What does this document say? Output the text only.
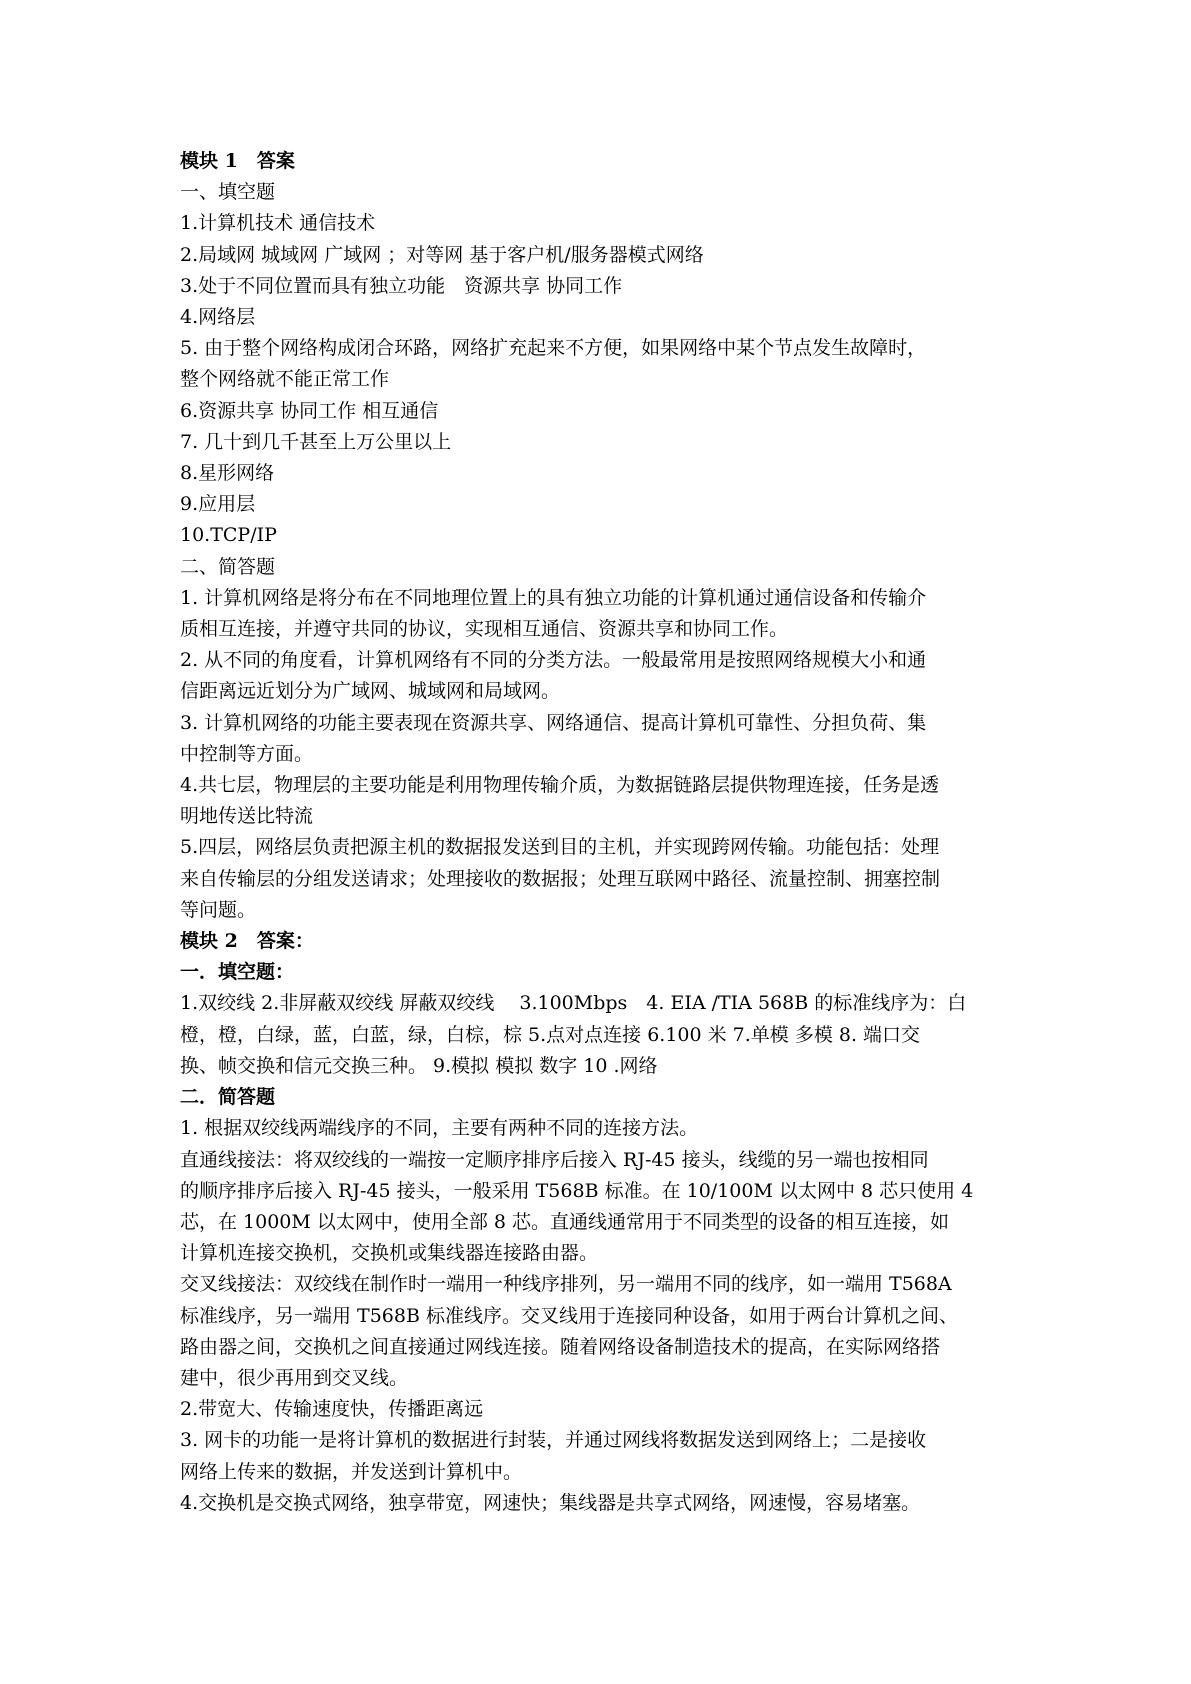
模块 1　答案
一、填空题
1.计算机技术 通信技术
2.局域网 城域网 广域网 ；对等网 基于客户机/服务器模式网络
3.处于不同位置而具有独立功能　资源共享 协同工作
4.网络层
5. 由于整个网络构成闭合环路，网络扩充起来不方便，如果网络中某个节点发生故障时，
整个网络就不能正常工作
6.资源共享 协同工作 相互通信
7. 几十到几千甚至上万公里以上
8.星形网络
9.应用层
10.TCP/IP
二、简答题
1. 计算机网络是将分布在不同地理位置上的具有独立功能的计算机通过通信设备和传输介
质相互连接，并遵守共同的协议，实现相互通信、资源共享和协同工作。
2. 从不同的角度看，计算机网络有不同的分类方法。一般最常用是按照网络规模大小和通
信距离远近划分为广域网、城域网和局域网。
3. 计算机网络的功能主要表现在资源共享、网络通信、提高计算机可靠性、分担负荷、集
中控制等方面。
4.共七层，物理层的主要功能是利用物理传输介质，为数据链路层提供物理连接，任务是透
明地传送比特流
5.四层，网络层负责把源主机的数据报发送到目的主机，并实现跨网传输。功能包括：处理
来自传输层的分组发送请求；处理接收的数据报；处理互联网中路径、流量控制、拥塞控制
等问题。
模块 2　答案：
一．填空题：
1.双绞线 2.非屏蔽双绞线 屏蔽双绞线　 3.100Mbps　4. EIA /TIA 568B 的标准线序为：白
橙，橙，白绿，蓝，白蓝，绿，白棕，棕 5.点对点连接 6.100 米 7.单模 多模 8. 端口交
换、帧交换和信元交换三种。 9.模拟 模拟 数字 10 .网络
二．简答题
1. 根据双绞线两端线序的不同，主要有两种不同的连接方法。
直通线接法：将双绞线的一端按一定顺序排序后接入 RJ-45 接头，线缆的另一端也按相同
的顺序排序后接入 RJ-45 接头，一般采用 T568B 标准。在 10/100M 以太网中 8 芯只使用 4
芯，在 1000M 以太网中，使用全部 8 芯。直通线通常用于不同类型的设备的相互连接，如
计算机连接交换机，交换机或集线器连接路由器。
交叉线接法：双绞线在制作时一端用一种线序排列，另一端用不同的线序，如一端用 T568A
标准线序，另一端用 T568B 标准线序。交叉线用于连接同种设备，如用于两台计算机之间、
路由器之间，交换机之间直接通过网线连接。随着网络设备制造技术的提高，在实际网络搭
建中，很少再用到交叉线。
2.带宽大、传输速度快，传播距离远
3. 网卡的功能一是将计算机的数据进行封装，并通过网线将数据发送到网络上；二是接收
网络上传来的数据，并发送到计算机中。
4.交换机是交换式网络，独享带宽，网速快；集线器是共享式网络，网速慢，容易堵塞。
